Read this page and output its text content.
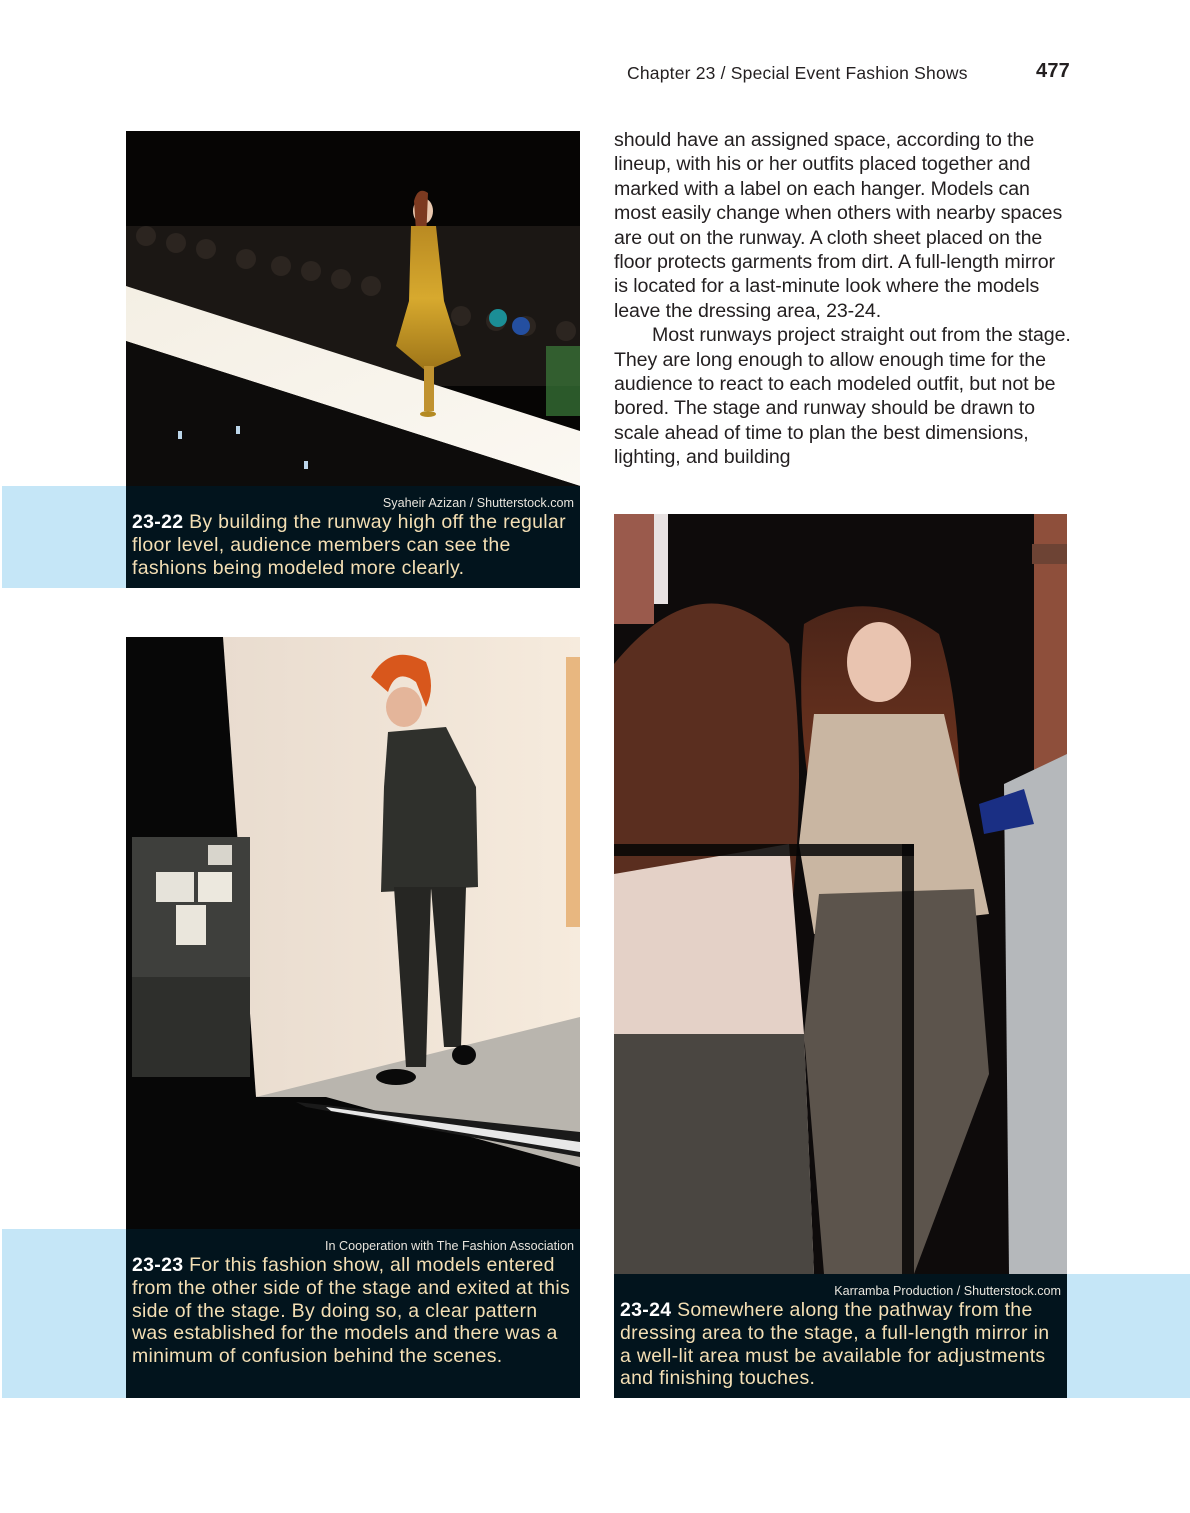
Chapter 23 / Special Event Fashion Shows	477

should have an assigned space, according to the lineup, with his or her outfits placed together and marked with a label on each hanger. Models can most easily change when others with nearby spaces are out on the runway. A cloth sheet placed on the floor protects garments from dirt. A full-length mirror is located for a last-minute look where the models leave the dressing area, 23-24.

Most runways project straight out from the stage. They are long enough to allow enough time for the audience to react to each modeled outfit, but not be bored. The stage and runway should be drawn to scale ahead of time to plan the best dimensions, lighting, and building

Syaheir Azizan / Shutterstock.com
23-22 By building the runway high off the regular floor level, audience members can see the fashions being modeled more clearly.
In Cooperation with The Fashion Association
23-23 For this fashion show, all models entered from the other side of the stage and exited at this side of the stage. By doing so, a clear pattern was established for the models and there was a minimum of confusion behind the scenes.
Karramba Production / Shutterstock.com
23-24 Somewhere along the pathway from the dressing area to the stage, a full-length mirror in a well-lit area must be available for adjustments and finishing touches.
